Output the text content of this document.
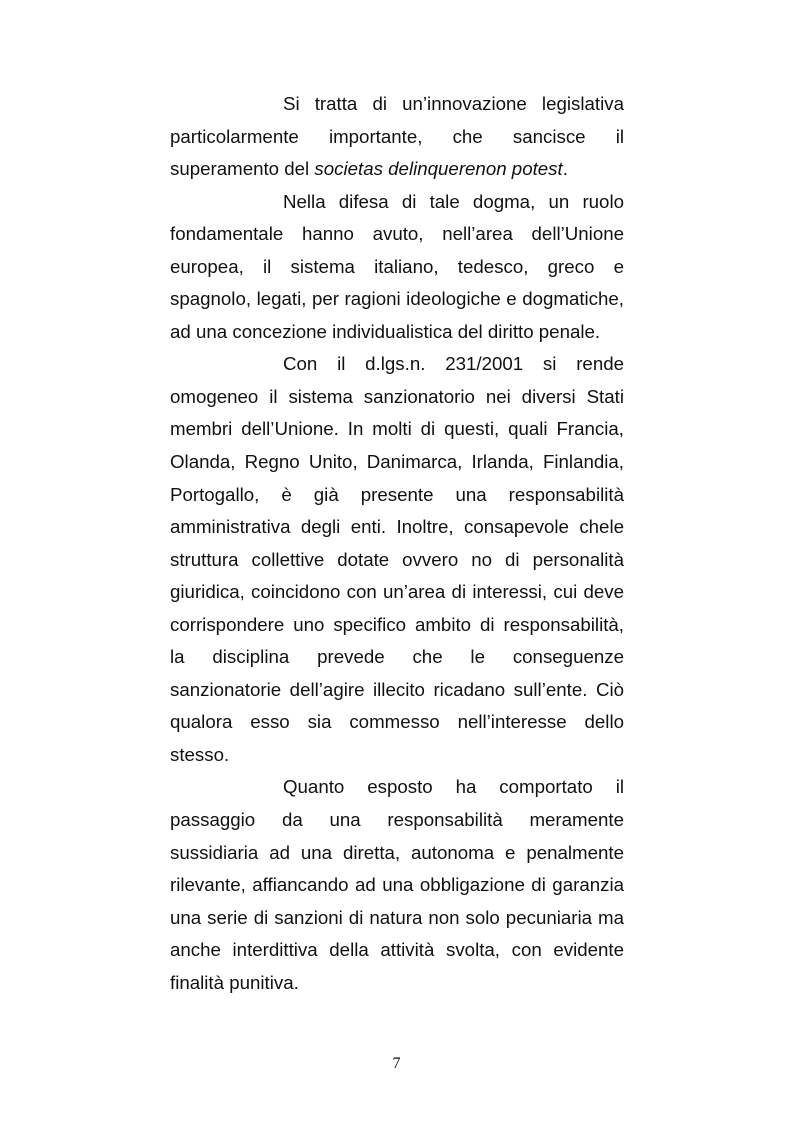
Si tratta di un’innovazione legislativa particolarmente importante, che sancisce il superamento del societas delinquerenon potest.

Nella difesa di tale dogma, un ruolo fondamentale hanno avuto, nell’area dell’Unione europea, il sistema italiano, tedesco, greco e spagnolo, legati, per ragioni ideologiche e dogmatiche, ad una concezione individualistica del diritto penale.

Con il d.lgs.n. 231/2001 si rende omogeneo il sistema sanzionatorio nei diversi Stati membri dell’Unione. In molti di questi, quali Francia, Olanda, Regno Unito, Danimarca, Irlanda, Finlandia, Portogallo, è già presente una responsabilità amministrativa degli enti. Inoltre, consapevole chele struttura collettive dotate ovvero no di personalità giuridica, coincidono con un’area di interessi, cui deve corrispondere uno specifico ambito di responsabilità, la disciplina prevede che le conseguenze sanzionatorie dell’agire illecito ricadano sull’ente. Ciò qualora esso sia commesso nell’interesse dello stesso.

Quanto esposto ha comportato il passaggio da una responsabilità meramente sussidiaria ad una diretta, autonoma e penalmente rilevante, affiancando ad una obbligazione di garanzia una serie di sanzioni di natura non solo pecuniaria ma anche interdittiva della attività svolta, con evidente finalità punitiva.

7
